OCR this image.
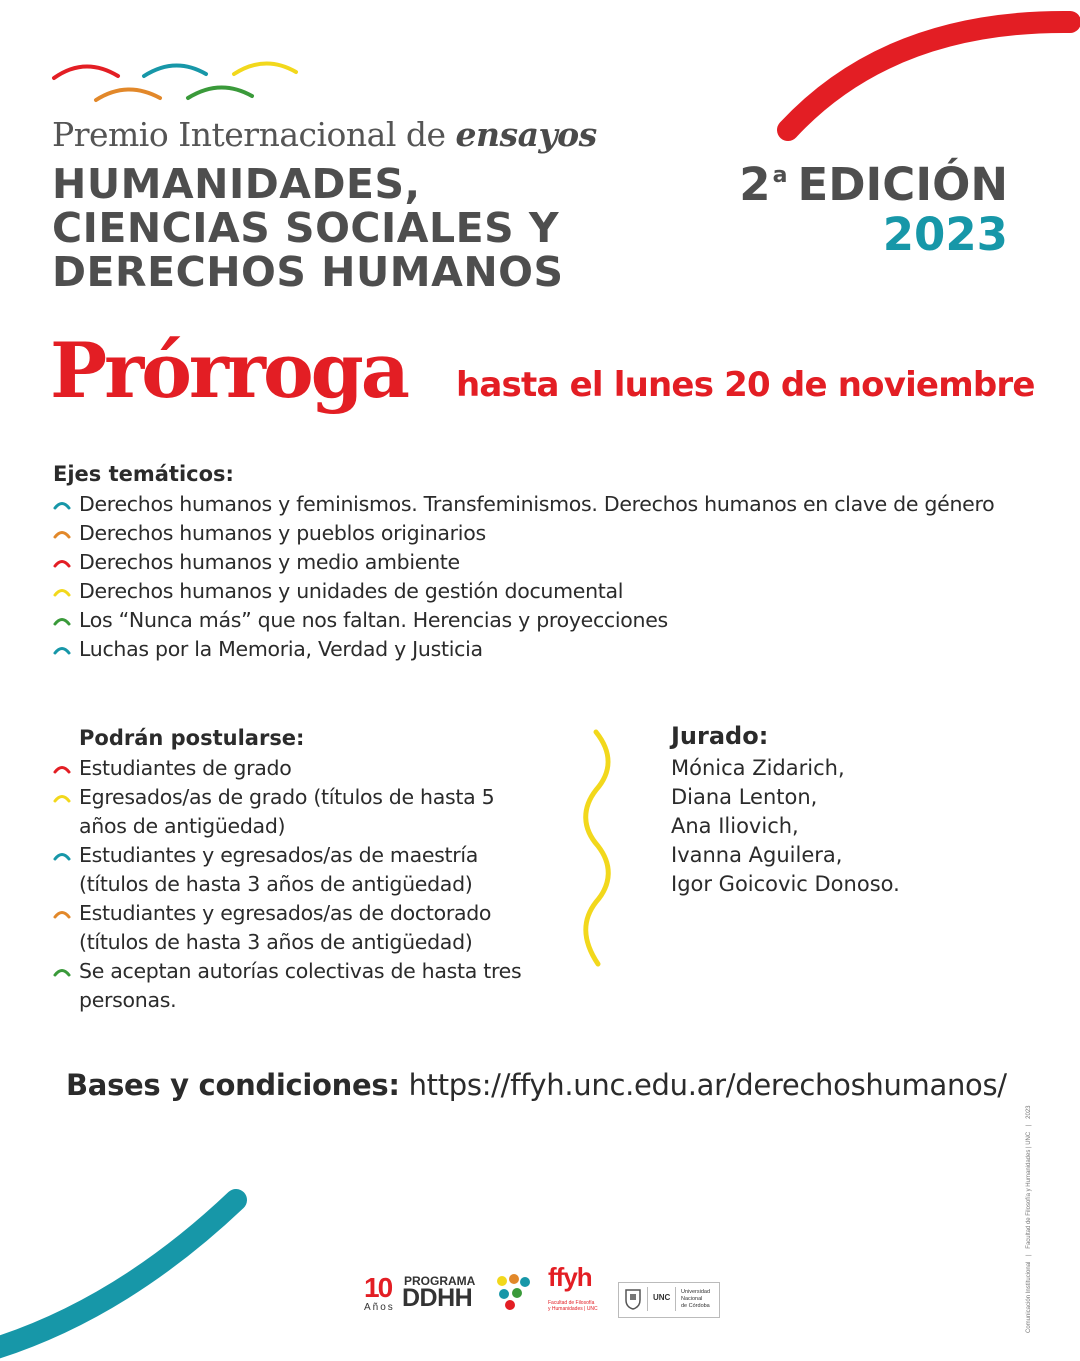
Premio Internacional de ensayos
HUMANIDADES,
CIENCIAS SOCIALES Y
DERECHOS HUMANOS
2$^a$ EDICIÓN
2023
Prórroga hasta el lunes 20 de noviembre
Ejes temáticos:
Derechos humanos y feminismos. Transfeminismos. Derechos humanos en clave de género
Derechos humanos y pueblos originarios
Derechos humanos y medio ambiente
Derechos humanos y unidades de gestión documental
Los “Nunca más” que nos faltan. Herencias y proyecciones
Luchas por la Memoria, Verdad y Justicia
Podrán postularse:
Estudiantes de grado
Egresados/as de grado (títulos de hasta 5
años de antigüedad)
Estudiantes y egresados/as de maestría
(títulos de hasta 3 años de antigüedad)
Estudiantes y egresados/as de doctorado
(títulos de hasta 3 años de antigüedad)
Se aceptan autorías colectivas de hasta tres
personas.
Jurado:
Mónica Zidarich,
Diana Lenton,
Ana Iliovich,
Ivanna Aguilera,
Igor Goicovic Donoso.
Bases y condiciones: https://ffyh.unc.edu.ar/derechoshumanos/
10
Años
PROGRAMA
DDHH
ffyh
Facultad de Filosofía
y Humanidades | UNC
UNC
Universidad
Nacional
de Córdoba	Comunicación Institucional | Facultad de Filosofía y Humanidades | UNC | 2023
